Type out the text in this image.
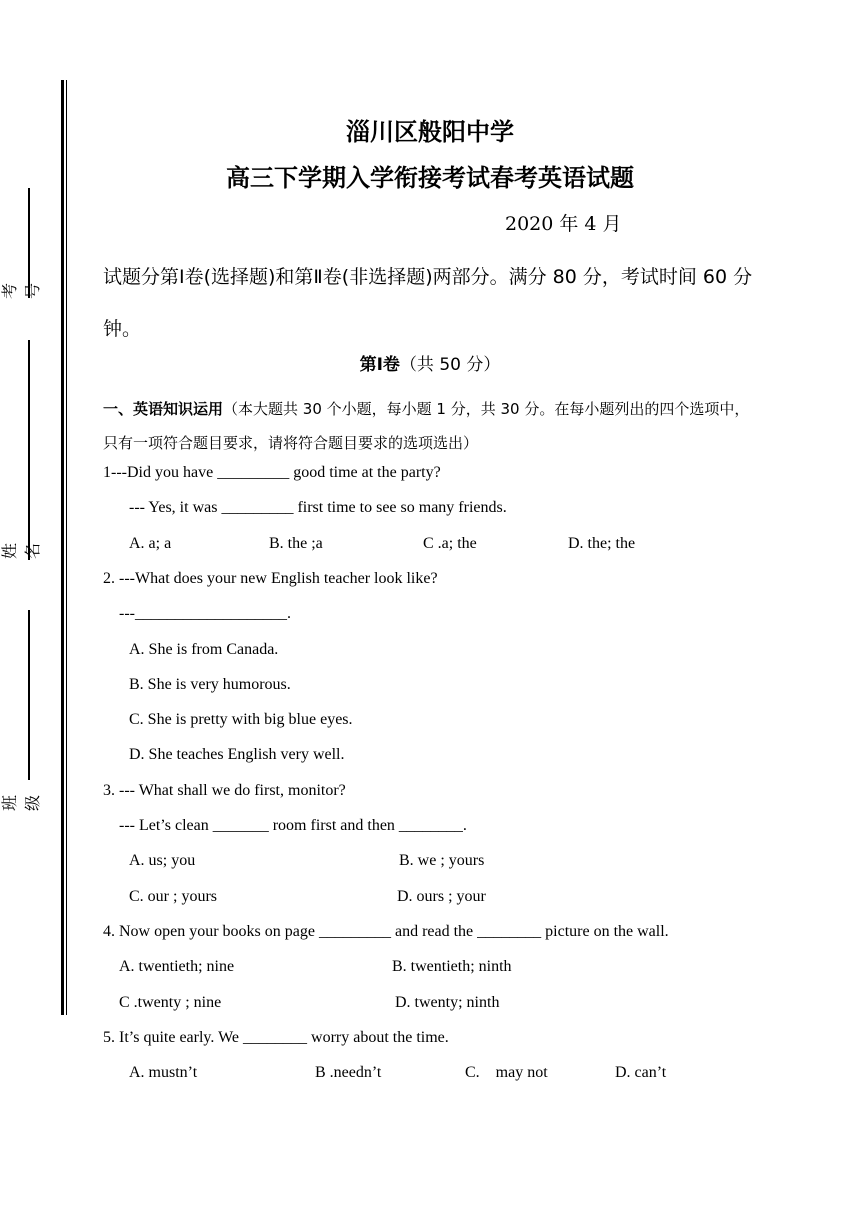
考号
姓名
班级
淄川区般阳中学
高三下学期入学衔接考试春考英语试题
2020 年 4 月
试题分第Ⅰ卷(选择题)和第Ⅱ卷(非选择题)两部分。满分 80 分，考试时间 60 分钟。
第Ⅰ卷（共 50 分）
一、英语知识运用（本大题共 30 个小题，每小题 1 分，共 30 分。在每小题列出的四个选项中，只有一项符合题目要求，请将符合题目要求的选项选出）
1---Did you have _________ good time at the party?
--- Yes, it was _________ first time to see so many friends.
A. a; a	B. the ;a	C .a; the	D. the; the
2. ---What does your new English teacher look like?
---___________________.
A. She is from Canada.
B. She is very humorous.
C. She is pretty with big blue eyes.
D. She teaches English very well.
3. --- What shall we do first, monitor?
--- Let’s clean _______ room first and then ________.
A. us; you	B. we ; yours
C. our ; yours	D. ours ; your
4. Now open your books on page _________ and read the ________ picture on the wall.
A. twentieth; nine	B. twentieth; ninth
C .twenty ; nine	D. twenty; ninth
5. It’s quite early. We ________ worry about the time.
A. mustn’t	B .needn’t	C.    may not	D. can’t
